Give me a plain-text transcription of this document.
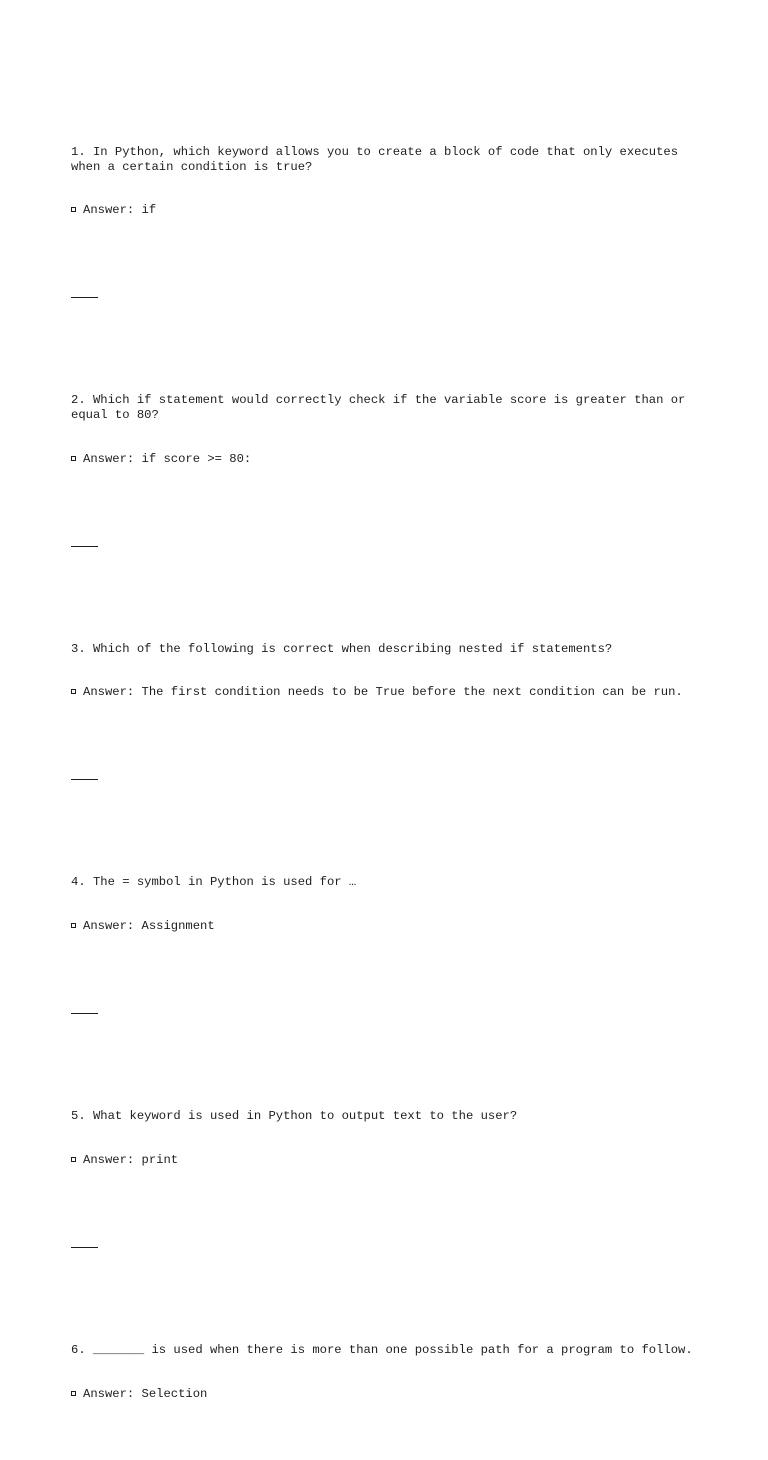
1. In Python, which keyword allows you to create a block of code that only executes when a certain condition is true?

Answer: if

2. Which if statement would correctly check if the variable score is greater than or equal to 80?

Answer: if score >= 80:

3. Which of the following is correct when describing nested if statements?

Answer: The first condition needs to be True before the next condition can be run.

4. The = symbol in Python is used for …

Answer: Assignment

5. What keyword is used in Python to output text to the user?

Answer: print

6. _______ is used when there is more than one possible path for a program to follow.

Answer: Selection
